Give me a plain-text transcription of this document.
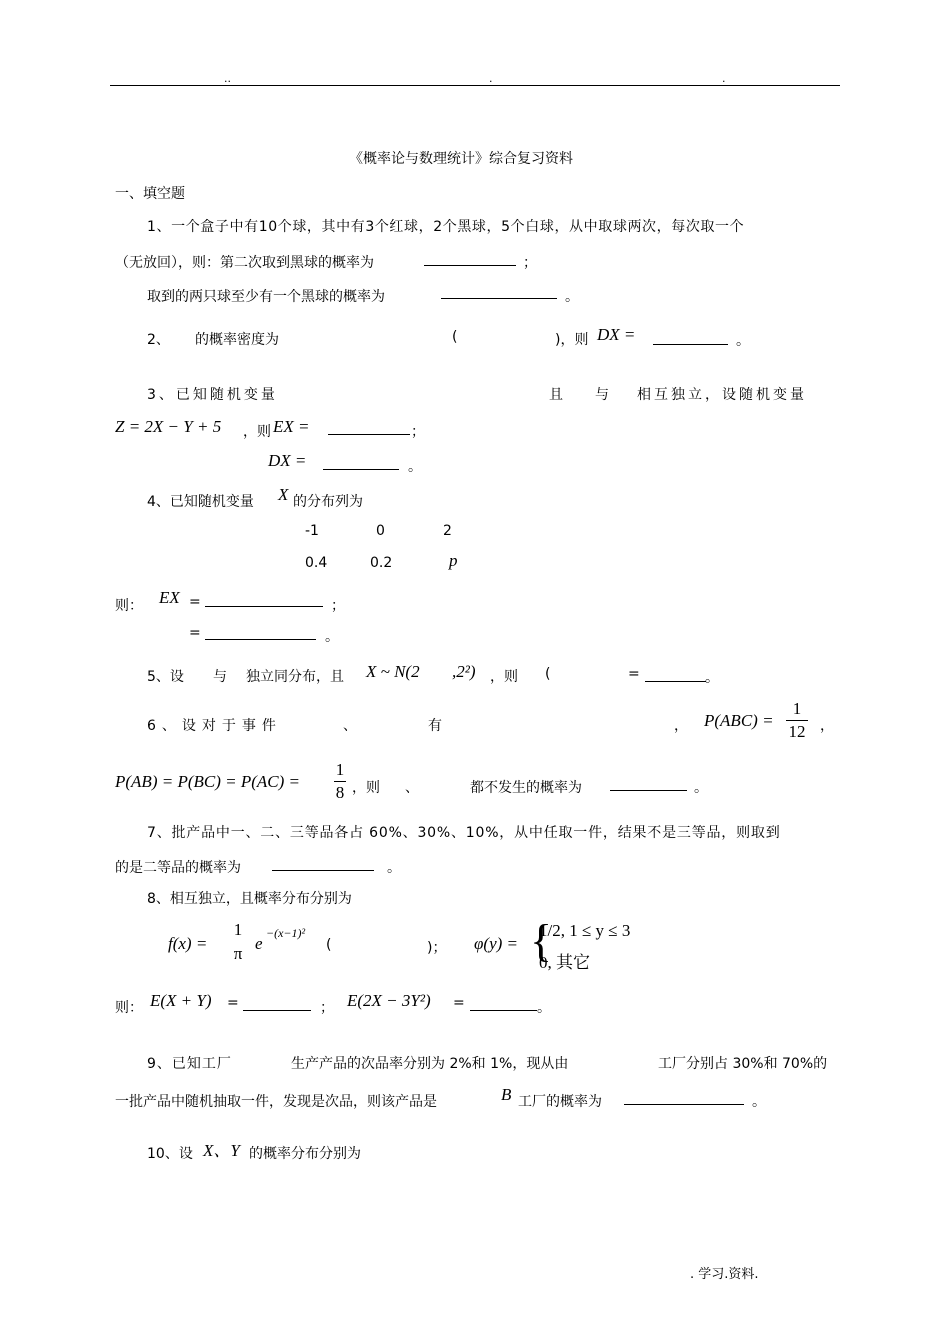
..	.	.
《概率论与数理统计》综合复习资料
一、填空题
1、一个盒子中有10个球，其中有3个红球，2个黑球，5个白球，从中取球两次，每次取一个
（无放回），则：第二次取到黑球的概率为	；
取到的两只球至少有一个黑球的概率为	。
2、 的概率密度为	(	)，则 DX =	。
3、已知随机变量	且 与 相互独立，设随机变量
Z = 2X − Y + 5 ，则 EX =	；
DX =	。
4、已知随机变量 X 的分布列为
-1	0	2
0.4	0.2	p
则： EX =	；
=	。
5、设 与 独立同分布，且 X ~ N(2 ,2²) ，则 (	=	。
6、设对于事件	、	有	， P(ABC) =
1
12 ，
P(AB) = P(BC) = P(AC) =
1
8 ，则 、	都不发生的概率为	。
7、批产品中一、二、三等品各占 60%、30%、10%，从中任取一件，结果不是三等品，则取到
的是二等品的概率为	。
8、相互独立，且概率分布分别为
f(x) =
1
π
e
−(x−1)²
(	)； φ(y) = {
1/2, 1 ≤ y ≤ 3
0, 其它
则： E(X + Y) =	； E(2X − 3Y²) =	。
9、已知工厂	生产产品的次品率分别为 2%和 1%，现从由	工厂分别占 30%和 70%的
一批产品中随机抽取一件，发现是次品，则该产品是	B 工厂的概率为	。
10、设 X、Y 的概率分布分别为
. 学习.资料.
